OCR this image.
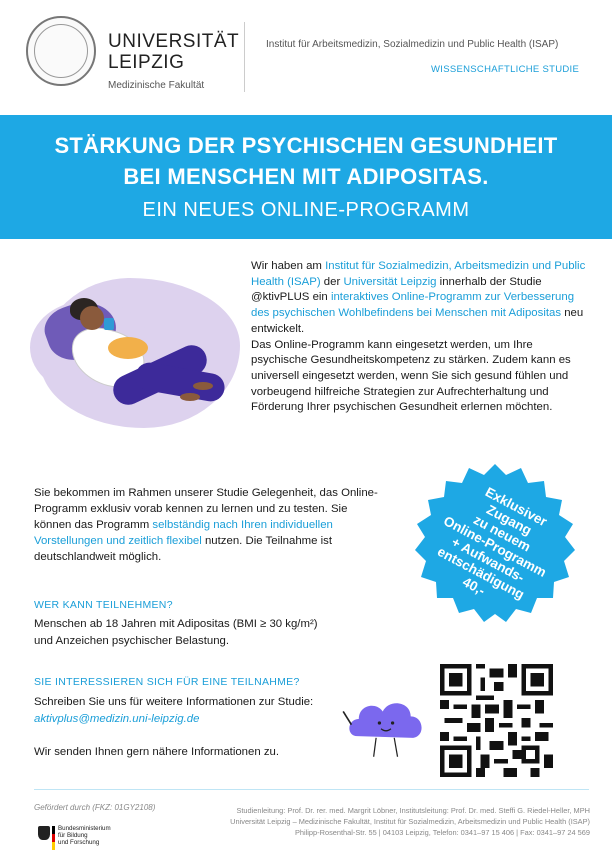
UNIVERSITÄT
LEIPZIG
Medizinische Fakultät
Institut für Arbeitsmedizin, Sozialmedizin und Public Health (ISAP)
WISSENSCHAFTLICHE STUDIE
STÄRKUNG DER PSYCHISCHEN GESUNDHEIT
BEI MENSCHEN MIT ADIPOSITAS.
EIN NEUES ONLINE-PROGRAMM
Wir haben am Institut für Sozialmedizin, Arbeitsmedizin und Public Health (ISAP) der Universität Leipzig innerhalb der Studie @ktivPLUS ein interaktives Online-Programm zur Verbesserung des psychischen Wohlbefindens bei Menschen mit Adipositas neu entwickelt.
Das Online-Programm kann eingesetzt werden, um Ihre psychische Gesundheitskompetenz zu stärken. Zudem kann es universell eingesetzt werden, wenn Sie sich gesund fühlen und vorbeugend hilfreiche Strategien zur Aufrechterhaltung und Förderung Ihrer psychischen Gesundheit erlernen möchten.
Sie bekommen im Rahmen unserer Studie Gelegenheit, das Online-Programm exklusiv vorab kennen zu lernen und zu testen. Sie können das Programm selbständig nach Ihren individuellen Vorstellungen und zeitlich flexibel nutzen. Die Teilnahme ist deutschlandweit möglich.
Exklusiver
Zugang
zu neuem
Online-Programm
+ Aufwands-
entschädigung
40,-
WER KANN TEILNEHMEN?
Menschen ab 18 Jahren mit Adipositas (BMI ≥ 30 kg/m²)
und Anzeichen psychischer Belastung.
SIE INTERESSIEREN SICH FÜR EINE TEILNAHME?
Schreiben Sie uns für weitere Informationen zur Studie:
aktivplus@medizin.uni-leipzig.de
Wir senden Ihnen gern nähere Informationen zu.
Gefördert durch (FKZ: 01GY2108)
Bundesministerium
für Bildung
und Forschung
Studienleitung: Prof. Dr. rer. med. Margrit Löbner, Institutsleitung: Prof. Dr. med. Steffi G. Riedel-Heller, MPH
Universität Leipzig – Medizinische Fakultät, Institut für Sozialmedizin, Arbeitsmedizin und Public Health (ISAP)
Philipp-Rosenthal-Str. 55 | 04103 Leipzig, Telefon: 0341–97 15 406 | Fax: 0341–97 24 569
